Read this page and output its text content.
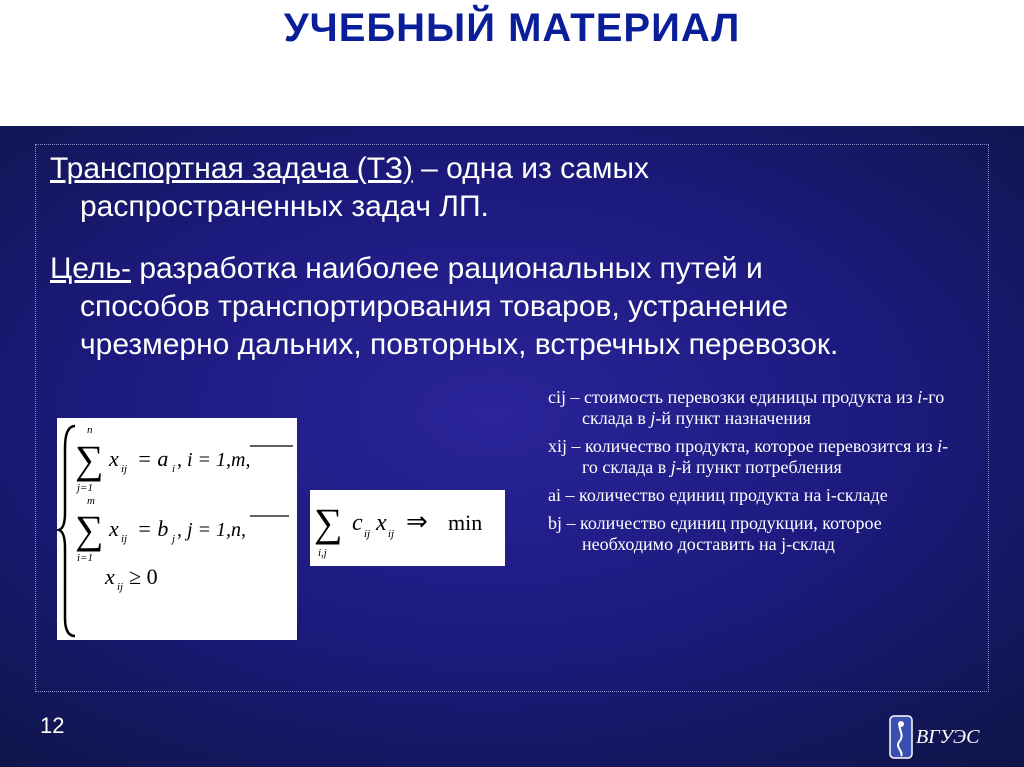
УЧЕБНЫЙ МАТЕРИАЛ
Транспортная задача (ТЗ) – одна из самых
распространенных задач ЛП.
Цель- разработка наиболее рациональных путей и
способов транспортирования товаров, устранение
чрезмерно дальних, повторных, встречных перевозок.
n
∑
j=1
x ij = a i , i = 1,m,
m
∑
i=1
x ij = b j , j = 1,n,
x ij ≥ 0
∑
i,j
c ij x ij ⇒ min
cij – стоимость перевозки единицы продукта из i-го склада в j-й пункт назначения
xij – количество продукта, которое перевозится из i-го склада в j-й пункт потребления
ai – количество единиц продукта на i-складе
bj – количество единиц продукции, которое необходимо доставить на j-склад
12	ВГУЭС
